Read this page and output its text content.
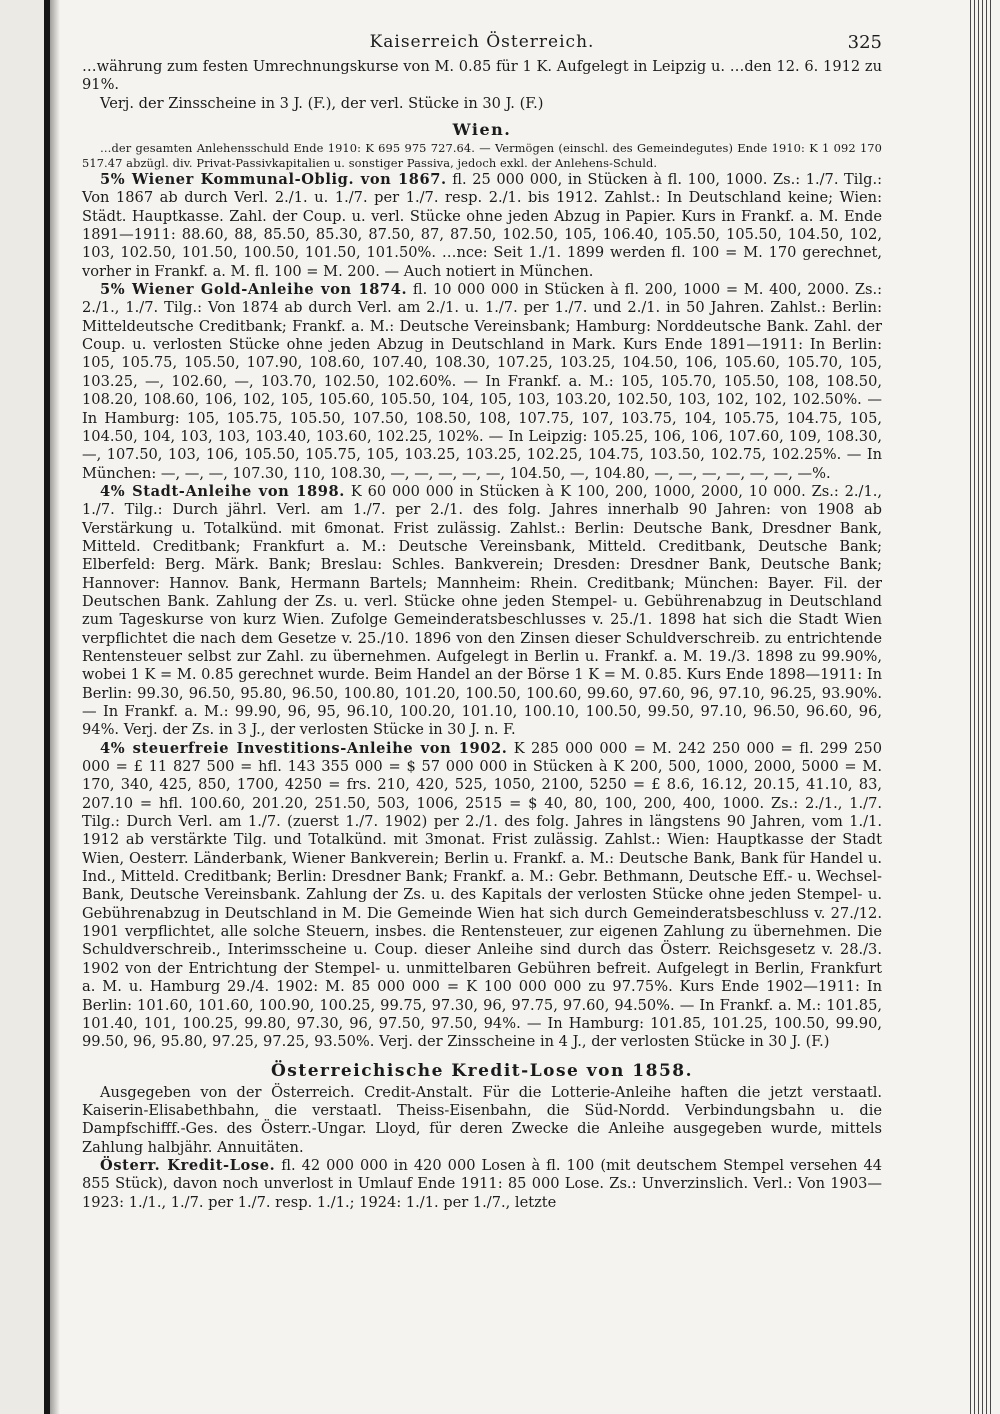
Kaiserreich Österreich.	325

…währung zum festen Umrechnungskurse von M. 0.85 für 1 K. Aufgelegt in Leipzig u. …den 12. 6. 1912 zu 91%.

Verj. der Zinsscheine in 3 J. (F.), der verl. Stücke in 30 J. (F.)

Wien.

…der gesamten Anlehensschuld Ende 1910: K 695 975 727.64. — Vermögen (einschl. des Gemeindegutes) Ende 1910: K 1 092 170 517.47 abzügl. div. Privat-Passivkapitalien u. sonstiger Passiva, jedoch exkl. der Anlehens-Schuld.

5% Wiener Kommunal-Oblig. von 1867. fl. 25 000 000, in Stücken à fl. 100, 1000. Zs.: 1./7. Tilg.: Von 1867 ab durch Verl. 2./1. u. 1./7. per 1./7. resp. 2./1. bis 1912. Zahlst.: In Deutschland keine; Wien: Städt. Hauptkasse. Zahl. der Coup. u. verl. Stücke ohne jeden Abzug in Papier. Kurs in Frankf. a. M. Ende 1891—1911: 88.60, 88, 85.50, 85.30, 87.50, 87, 87.50, 102.50, 105, 106.40, 105.50, 105.50, 104.50, 102, 103, 102.50, 101.50, 100.50, 101.50, 101.50%. …nce: Seit 1./1. 1899 werden fl. 100 = M. 170 gerechnet, vorher in Frankf. a. M. fl. 100 = M. 200. — Auch notiert in München.

5% Wiener Gold-Anleihe von 1874. fl. 10 000 000 in Stücken à fl. 200, 1000 = M. 400, 2000. Zs.: 2./1., 1./7. Tilg.: Von 1874 ab durch Verl. am 2./1. u. 1./7. per 1./7. und 2./1. in 50 Jahren. Zahlst.: Berlin: Mitteldeutsche Creditbank; Frankf. a. M.: Deutsche Vereinsbank; Hamburg: Norddeutsche Bank. Zahl. der Coup. u. verlosten Stücke ohne jeden Abzug in Deutschland in Mark. Kurs Ende 1891—1911: In Berlin: 105, 105.75, 105.50, 107.90, 108.60, 107.40, 108.30, 107.25, 103.25, 104.50, 106, 105.60, 105.70, 105, 103.25, —, 102.60, —, 103.70, 102.50, 102.60%. — In Frankf. a. M.: 105, 105.70, 105.50, 108, 108.50, 108.20, 108.60, 106, 102, 105, 105.60, 105.50, 104, 105, 103, 103.20, 102.50, 103, 102, 102, 102.50%. — In Hamburg: 105, 105.75, 105.50, 107.50, 108.50, 108, 107.75, 107, 103.75, 104, 105.75, 104.75, 105, 104.50, 104, 103, 103, 103.40, 103.60, 102.25, 102%. — In Leipzig: 105.25, 106, 106, 107.60, 109, 108.30, —, 107.50, 103, 106, 105.50, 105.75, 105, 103.25, 103.25, 102.25, 104.75, 103.50, 102.75, 102.25%. — In München: —, —, —, 107.30, 110, 108.30, —, —, —, —, —, 104.50, —, 104.80, —, —, —, —, —, —, —%.

4% Stadt-Anleihe von 1898. K 60 000 000 in Stücken à K 100, 200, 1000, 2000, 10 000. Zs.: 2./1., 1./7. Tilg.: Durch jährl. Verl. am 1./7. per 2./1. des folg. Jahres innerhalb 90 Jahren: von 1908 ab Verstärkung u. Totalkünd. mit 6monat. Frist zulässig. Zahlst.: Berlin: Deutsche Bank, Dresdner Bank, Mitteld. Creditbank; Frankfurt a. M.: Deutsche Vereinsbank, Mitteld. Creditbank, Deutsche Bank; Elberfeld: Berg. Märk. Bank; Breslau: Schles. Bankverein; Dresden: Dresdner Bank, Deutsche Bank; Hannover: Hannov. Bank, Hermann Bartels; Mannheim: Rhein. Creditbank; München: Bayer. Fil. der Deutschen Bank. Zahlung der Zs. u. verl. Stücke ohne jeden Stempel- u. Gebührenabzug in Deutschland zum Tageskurse von kurz Wien. Zufolge Gemeinderatsbeschlusses v. 25./1. 1898 hat sich die Stadt Wien verpflichtet die nach dem Gesetze v. 25./10. 1896 von den Zinsen dieser Schuldverschreib. zu entrichtende Rentensteuer selbst zur Zahl. zu übernehmen. Aufgelegt in Berlin u. Frankf. a. M. 19./3. 1898 zu 99.90%, wobei 1 K = M. 0.85 gerechnet wurde. Beim Handel an der Börse 1 K = M. 0.85. Kurs Ende 1898—1911: In Berlin: 99.30, 96.50, 95.80, 96.50, 100.80, 101.20, 100.50, 100.60, 99.60, 97.60, 96, 97.10, 96.25, 93.90%. — In Frankf. a. M.: 99.90, 96, 95, 96.10, 100.20, 101.10, 100.10, 100.50, 99.50, 97.10, 96.50, 96.60, 96, 94%. Verj. der Zs. in 3 J., der verlosten Stücke in 30 J. n. F.

4% steuerfreie Investitions-Anleihe von 1902. K 285 000 000 = M. 242 250 000 = fl. 299 250 000 = £ 11 827 500 = hfl. 143 355 000 = $ 57 000 000 in Stücken à K 200, 500, 1000, 2000, 5000 = M. 170, 340, 425, 850, 1700, 4250 = frs. 210, 420, 525, 1050, 2100, 5250 = £ 8.6, 16.12, 20.15, 41.10, 83, 207.10 = hfl. 100.60, 201.20, 251.50, 503, 1006, 2515 = $ 40, 80, 100, 200, 400, 1000. Zs.: 2./1., 1./7. Tilg.: Durch Verl. am 1./7. (zuerst 1./7. 1902) per 2./1. des folg. Jahres in längstens 90 Jahren, vom 1./1. 1912 ab verstärkte Tilg. und Totalkünd. mit 3monat. Frist zulässig. Zahlst.: Wien: Hauptkasse der Stadt Wien, Oesterr. Länderbank, Wiener Bankverein; Berlin u. Frankf. a. M.: Deutsche Bank, Bank für Handel u. Ind., Mitteld. Creditbank; Berlin: Dresdner Bank; Frankf. a. M.: Gebr. Bethmann, Deutsche Eff.- u. Wechsel-Bank, Deutsche Vereinsbank. Zahlung der Zs. u. des Kapitals der verlosten Stücke ohne jeden Stempel- u. Gebührenabzug in Deutschland in M. Die Gemeinde Wien hat sich durch Gemeinderatsbeschluss v. 27./12. 1901 verpflichtet, alle solche Steuern, insbes. die Rentensteuer, zur eigenen Zahlung zu übernehmen. Die Schuldverschreib., Interimsscheine u. Coup. dieser Anleihe sind durch das Österr. Reichsgesetz v. 28./3. 1902 von der Entrichtung der Stempel- u. unmittelbaren Gebühren befreit. Aufgelegt in Berlin, Frankfurt a. M. u. Hamburg 29./4. 1902: M. 85 000 000 = K 100 000 000 zu 97.75%. Kurs Ende 1902—1911: In Berlin: 101.60, 101.60, 100.90, 100.25, 99.75, 97.30, 96, 97.75, 97.60, 94.50%. — In Frankf. a. M.: 101.85, 101.40, 101, 100.25, 99.80, 97.30, 96, 97.50, 97.50, 94%. — In Hamburg: 101.85, 101.25, 100.50, 99.90, 99.50, 96, 95.80, 97.25, 97.25, 93.50%. Verj. der Zinsscheine in 4 J., der verlosten Stücke in 30 J. (F.)

Österreichische Kredit-Lose von 1858.

Ausgegeben von der Österreich. Credit-Anstalt. Für die Lotterie-Anleihe haften die jetzt verstaatl. Kaiserin-Elisabethbahn, die verstaatl. Theiss-Eisenbahn, die Süd-Nordd. Verbindungsbahn u. die Dampfschifff.-Ges. des Österr.-Ungar. Lloyd, für deren Zwecke die Anleihe ausgegeben wurde, mittels Zahlung halbjähr. Annuitäten.

Österr. Kredit-Lose. fl. 42 000 000 in 420 000 Losen à fl. 100 (mit deutschem Stempel versehen 44 855 Stück), davon noch unverlost in Umlauf Ende 1911: 85 000 Lose. Zs.: Unverzinslich. Verl.: Von 1903—1923: 1./1., 1./7. per 1./7. resp. 1./1.; 1924: 1./1. per 1./7., letzte
